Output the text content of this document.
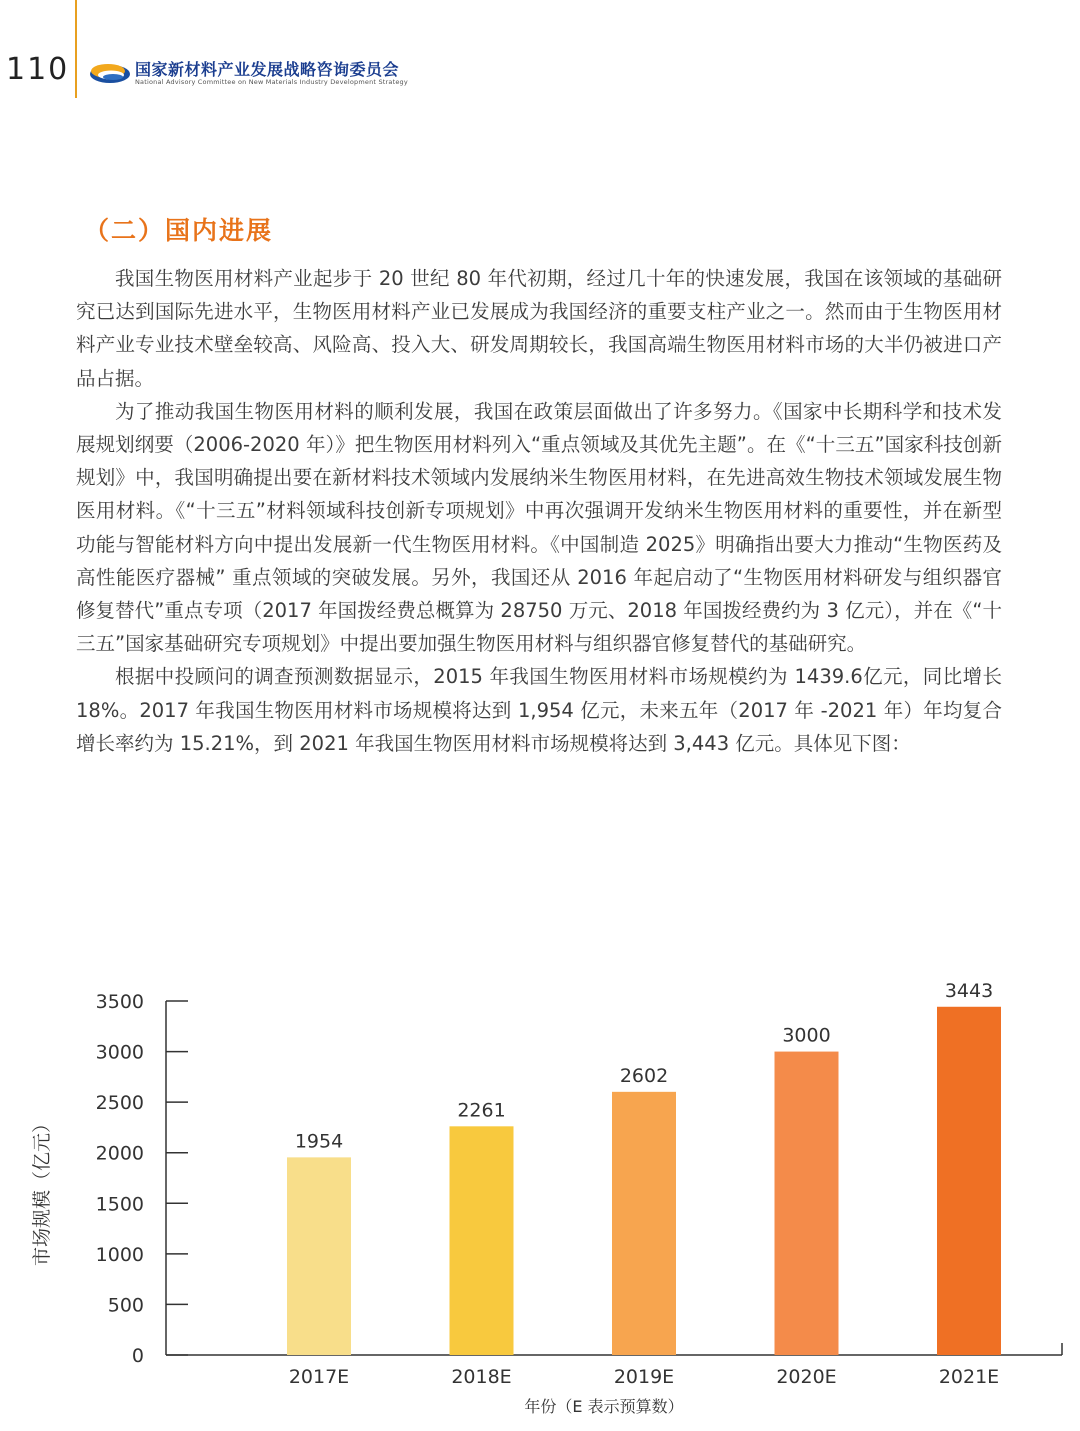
110	国家新材料产业发展战略咨询委员会
National Advisory Committee on New Materials Industry Development Strategy
（二）国内进展

我国生物医用材料产业起步于 20 世纪 80 年代初期，经过几十年的快速发展，我国在该领域的基础研究已达到国际先进水平，生物医用材料产业已发展成为我国经济的重要支柱产业之一。然而由于生物医用材料产业专业技术壁垒较高、风险高、投入大、研发周期较长，我国高端生物医用材料市场的大半仍被进口产品占据。

为了推动我国生物医用材料的顺利发展，我国在政策层面做出了许多努力。《国家中长期科学和技术发展规划纲要（2006-2020 年）》把生物医用材料列入“重点领域及其优先主题”。在《“十三五”国家科技创新规划》中，我国明确提出要在新材料技术领域内发展纳米生物医用材料，在先进高效生物技术领域发展生物医用材料。《“十三五”材料领域科技创新专项规划》中再次强调开发纳米生物医用材料的重要性，并在新型功能与智能材料方向中提出发展新一代生物医用材料。《中国制造 2025》明确指出要大力推动“生物医药及高性能医疗器械” 重点领域的突破发展。另外，我国还从 2016 年起启动了“生物医用材料研发与组织器官修复替代”重点专项（2017 年国拨经费总概算为 28750 万元、2018 年国拨经费约为 3 亿元），并在《“十三五”国家基础研究专项规划》中提出要加强生物医用材料与组织器官修复替代的基础研究。

根据中投顾问的调查预测数据显示，2015 年我国生物医用材料市场规模约为 1439.6亿元，同比增长 18%。2017 年我国生物医用材料市场规模将达到 1,954 亿元，未来五年（2017 年 -2021 年）年均复合增长率约为 15.21%，到 2021 年我国生物医用材料市场规模将达到 3,443 亿元。具体见下图：

0
500
1000
1500
2000
2500
3000
3500
1954
2017E
2261
2018E
2602
2019E
3000
2020E
3443
2021E
市场规模（亿元）
年份（E 表示预算数）
